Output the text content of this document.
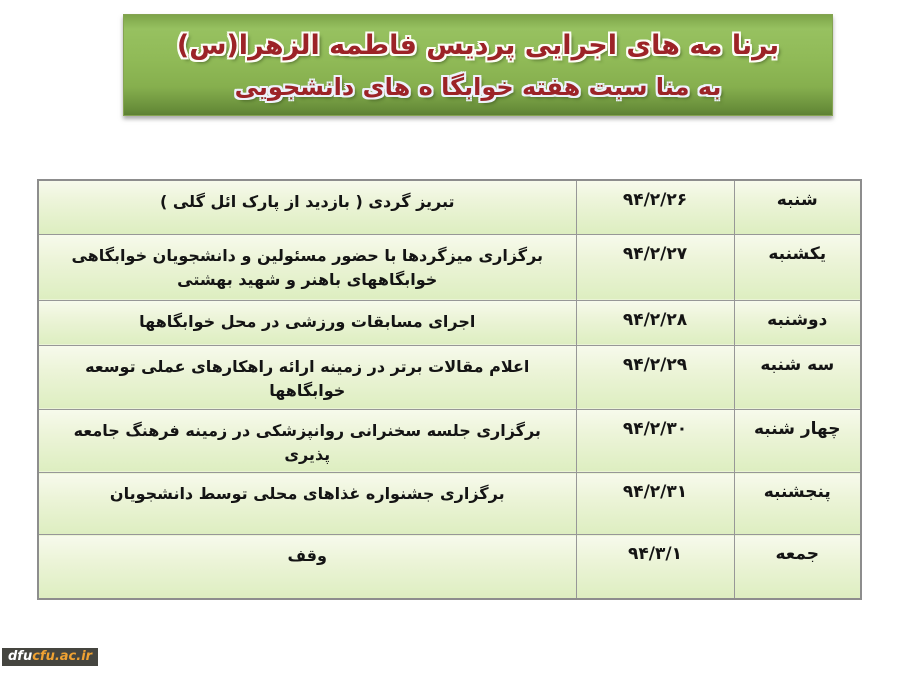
برنا مه های اجرایی پردیس فاطمه الزهرا(س)
به منا سبت هفته خوابگا ه های دانشجویی
شنبه	۹۴/۲/۲۶	تبریز گردی ( بازدید از پارک ائل گلی )
یکشنبه	۹۴/۲/۲۷	برگزاری میزگردها با حضور مسئولین و دانشجویان خوابگاهی خوابگاههای باهنر و شهید بهشتی
دوشنبه	۹۴/۲/۲۸	اجرای مسابقات ورزشی در محل خوابگاهها
سه شنبه	۹۴/۲/۲۹	اعلام مقالات برتر در زمینه ارائه راهکارهای عملی توسعه خوابگاهها
چهار شنبه	۹۴/۲/۳۰	برگزاری جلسه سخنرانی روانپزشکی در زمینه فرهنگ جامعه پذیری
پنجشنبه	۹۴/۲/۳۱	برگزاری جشنواره غذاهای محلی توسط دانشجویان
جمعه	۹۴/۳/۱	وقف
dfu cfu.ac.ir
